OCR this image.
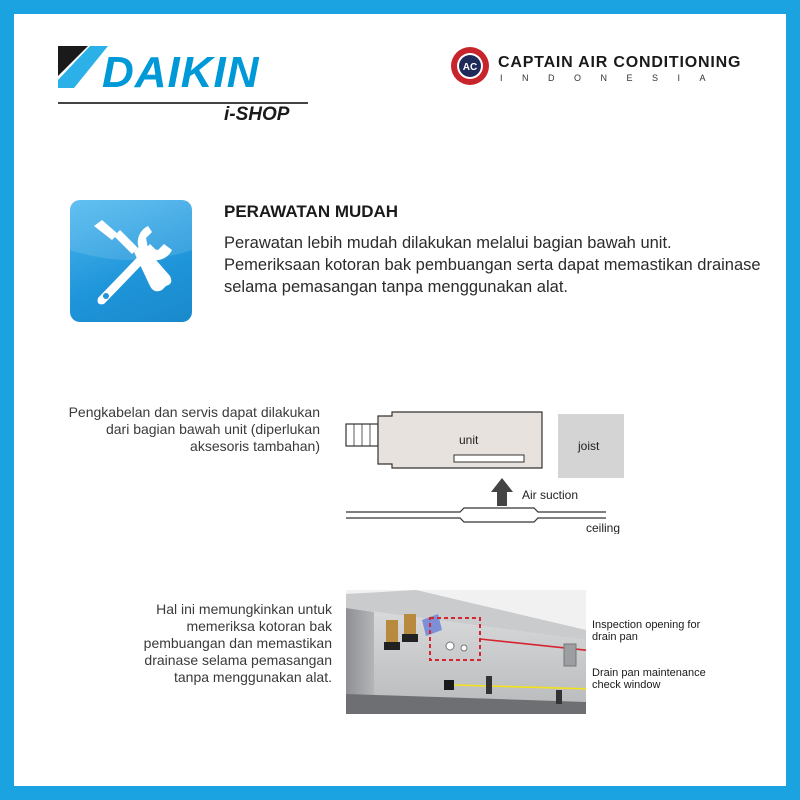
DAIKIN
i-SHOP
AC CAPTAIN AIR CONDITIONING
INDONESIA
PERAWATAN MUDAH
Perawatan lebih mudah dilakukan melalui bagian bawah unit. Pemeriksaan kotoran bak pembuangan serta dapat memastikan drainase selama pemasangan tanpa menggunakan alat.
Pengkabelan dan servis dapat dilakukan dari bagian bawah unit (diperlukan aksesoris tambahan)	unit	joist
Air suction
ceiling
Hal ini memungkinkan untuk memeriksa kotoran bak pembuangan dan memastikan drainase selama pemasangan tanpa menggunakan alat.
Inspection opening for drain pan
Drain pan maintenance check window
